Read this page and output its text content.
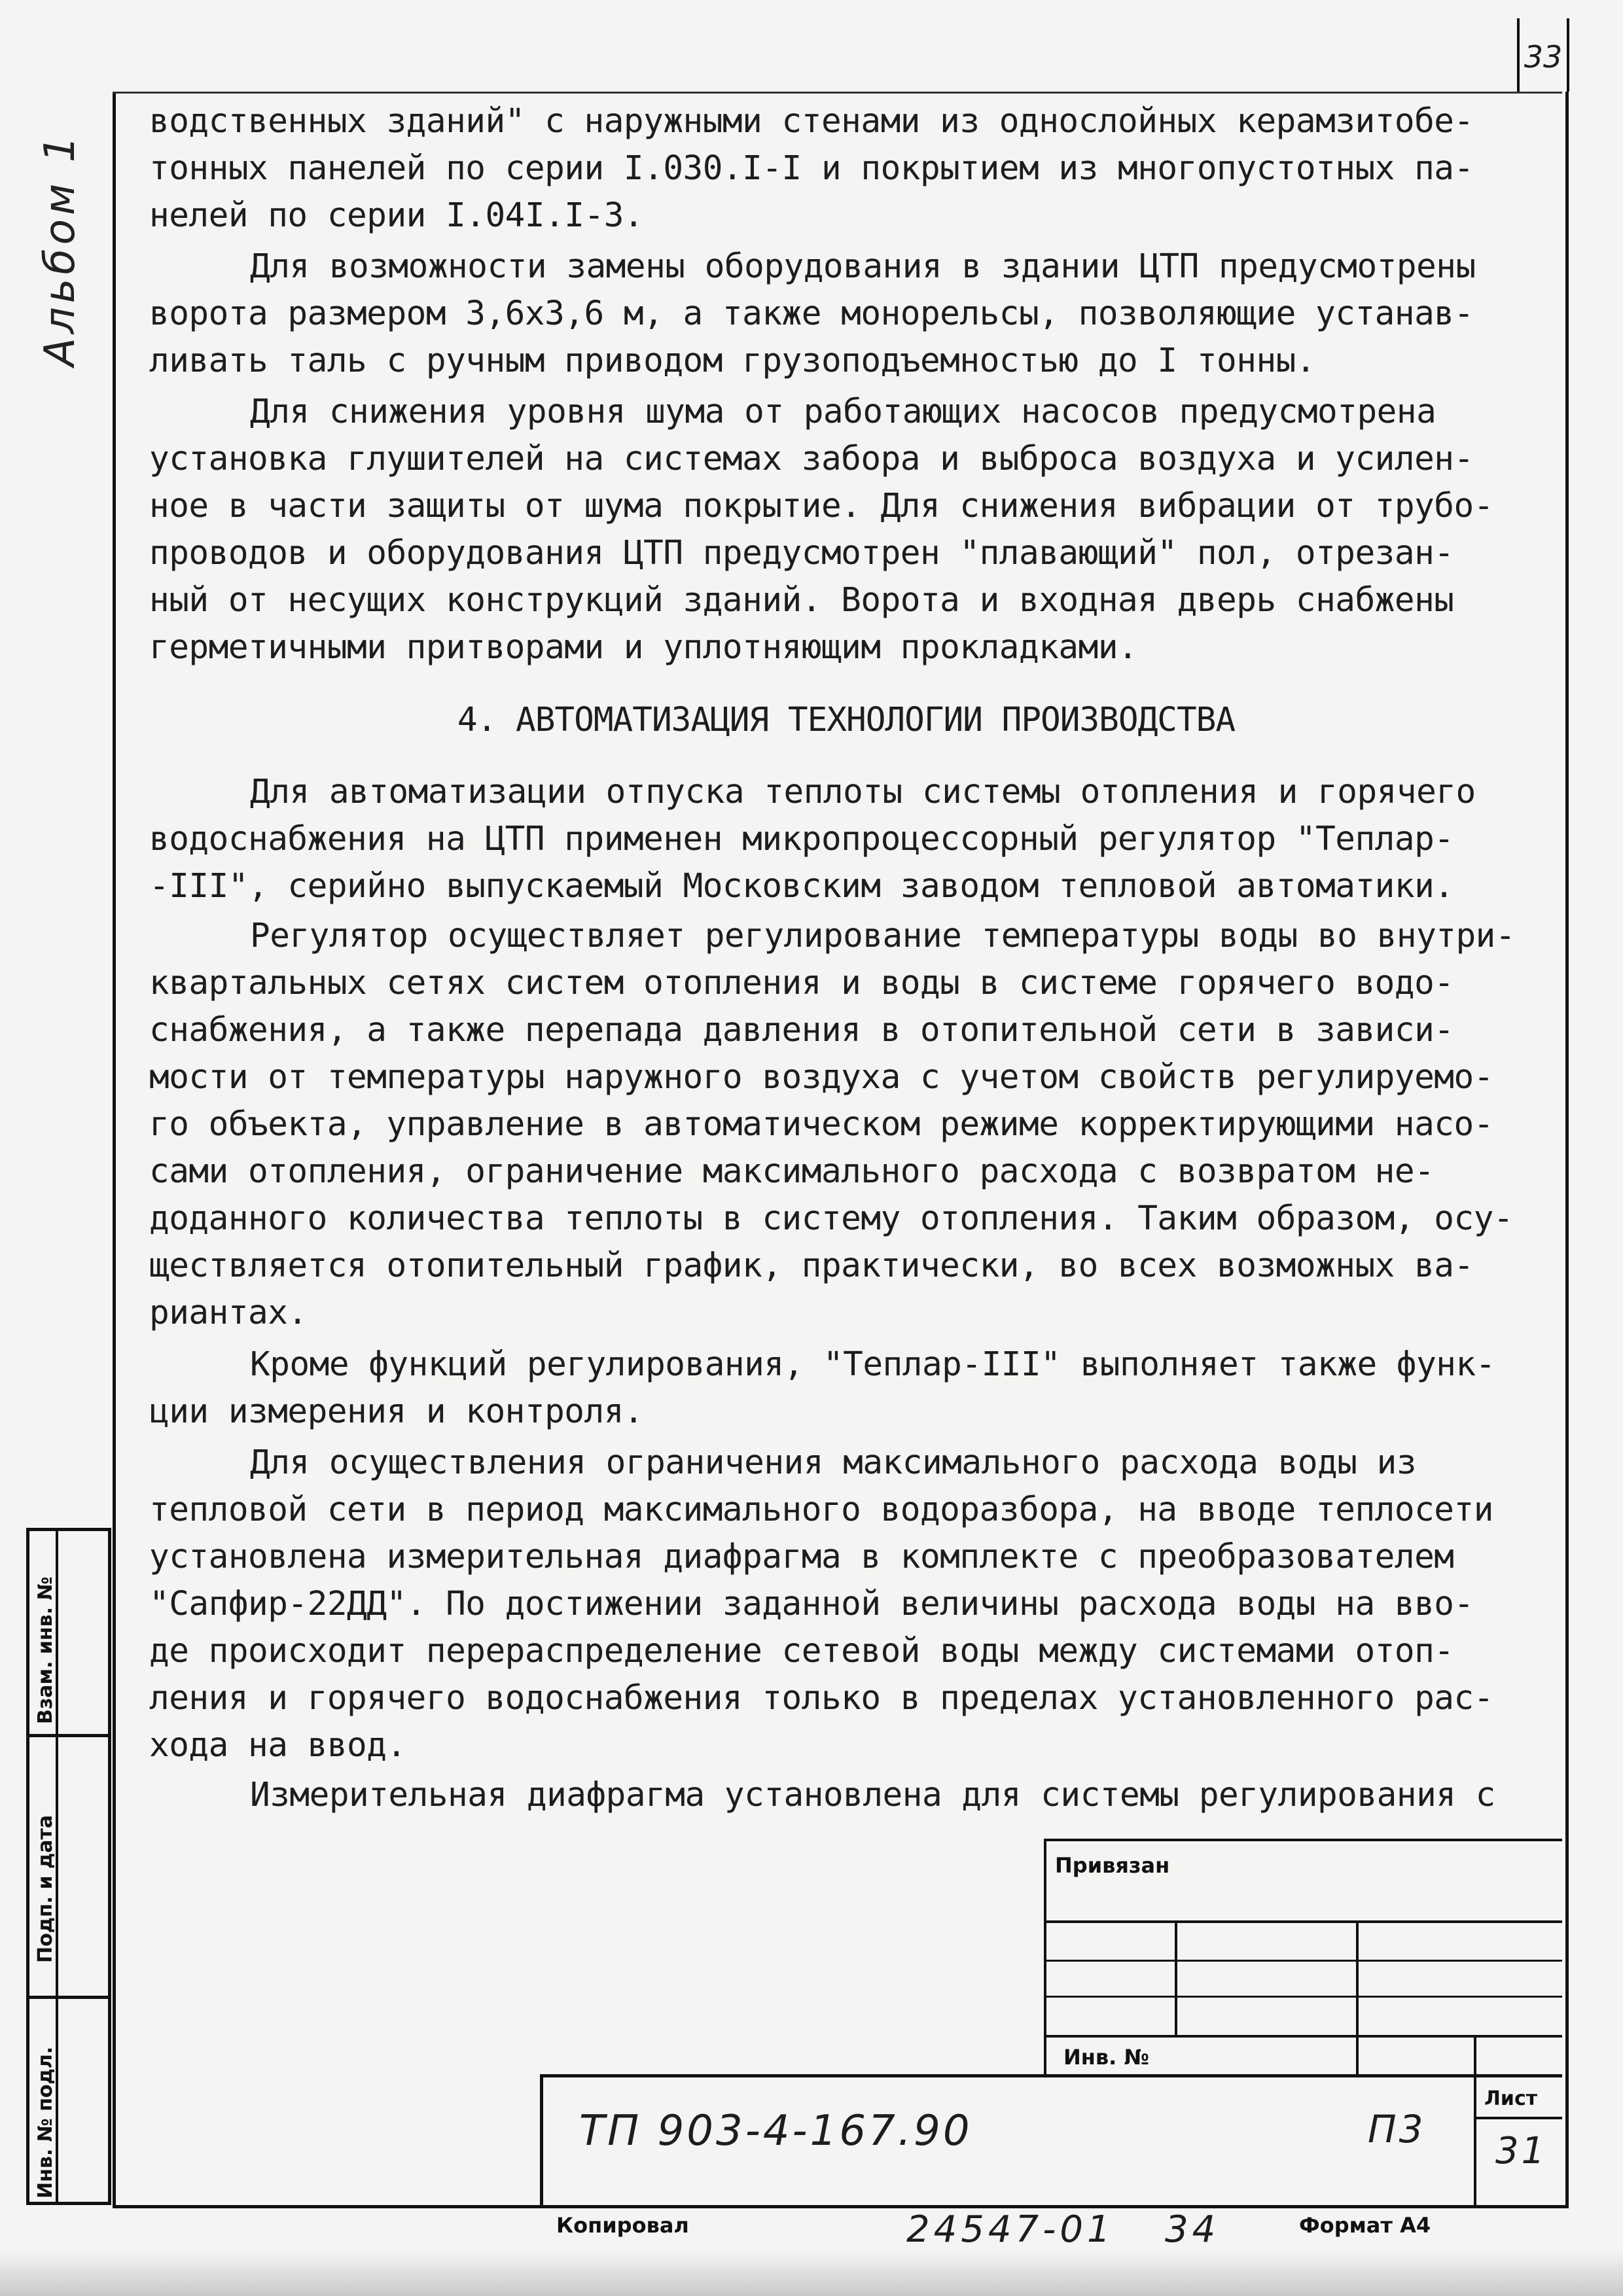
33
Альбом 1
Взам. инв. №
Подп. и дата
Инв. № подл.
водственных зданий" с наружными стенами из однослойных керамзитобе-
тонных панелей по серии I.030.I-I и покрытием из многопустотных па-
нелей по серии I.04I.I-3.
Для возможности замены оборудования в здании ЦТП предусмотрены
ворота размером 3,6х3,6 м, а также монорельсы, позволяющие устанав-
ливать таль с ручным приводом грузоподъемностью до I тонны.
Для снижения уровня шума от работающих насосов предусмотрена
установка глушителей на системах забора и выброса воздуха и усилен-
ное в части защиты от шума покрытие. Для снижения вибрации от трубо-
проводов и оборудования ЦТП предусмотрен "плавающий" пол, отрезан-
ный от несущих конструкций зданий. Ворота и входная дверь снабжены
герметичными притворами и уплотняющим прокладками.
4. АВТОМАТИЗАЦИЯ ТЕХНОЛОГИИ ПРОИЗВОДСТВА
Для автоматизации отпуска теплоты системы отопления и горячего
водоснабжения на ЦТП применен микропроцессорный регулятор "Теплар-
-III", серийно выпускаемый Московским заводом тепловой автоматики.
Регулятор осуществляет регулирование температуры воды во внутри-
квартальных сетях систем отопления и воды в системе горячего водо-
снабжения, а также перепада давления в отопительной сети в зависи-
мости от температуры наружного воздуха с учетом свойств регулируемо-
го объекта, управление в автоматическом режиме корректирующими насо-
сами отопления, ограничение максимального расхода с возвратом не-
доданного количества теплоты в систему отопления. Таким образом, осу-
ществляется отопительный график, практически, во всех возможных ва-
риантах.
Кроме функций регулирования, "Теплар-III" выполняет также функ-
ции измерения и контроля.
Для осуществления ограничения максимального расхода воды из
тепловой сети в период максимального водоразбора, на вводе теплосети
установлена измерительная диафрагма в комплекте с преобразователем
"Сапфир-22ДД". По достижении заданной величины расхода воды на вво-
де происходит перераспределение сетевой воды между системами отоп-
ления и горячего водоснабжения только в пределах установленного рас-
хода на ввод.
Измерительная диафрагма установлена для системы регулирования с
Привязан
Инв. №
ТП 903-4-167.90	П3
Лист
31
Копировал	24547-01 34	Формат А4
